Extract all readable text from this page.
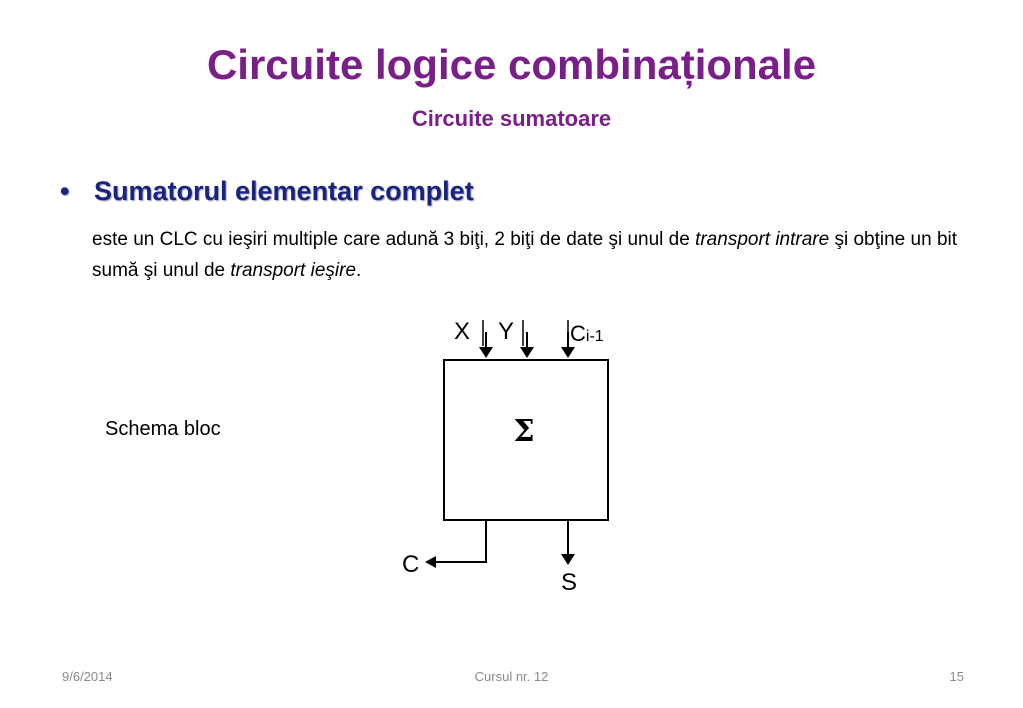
Circuite logice combinaționale
Circuite sumatoare
• Sumatorul elementar complet
este un CLC cu ieşiri multiple care adună 3 biţi, 2 biţi de date şi unul de transport intrare şi obţine un bit sumă şi unul de transport ieşire.
Schema bloc
X Y	Ci-1
Σ
C
S
9/6/2014	Cursul nr. 12	15
